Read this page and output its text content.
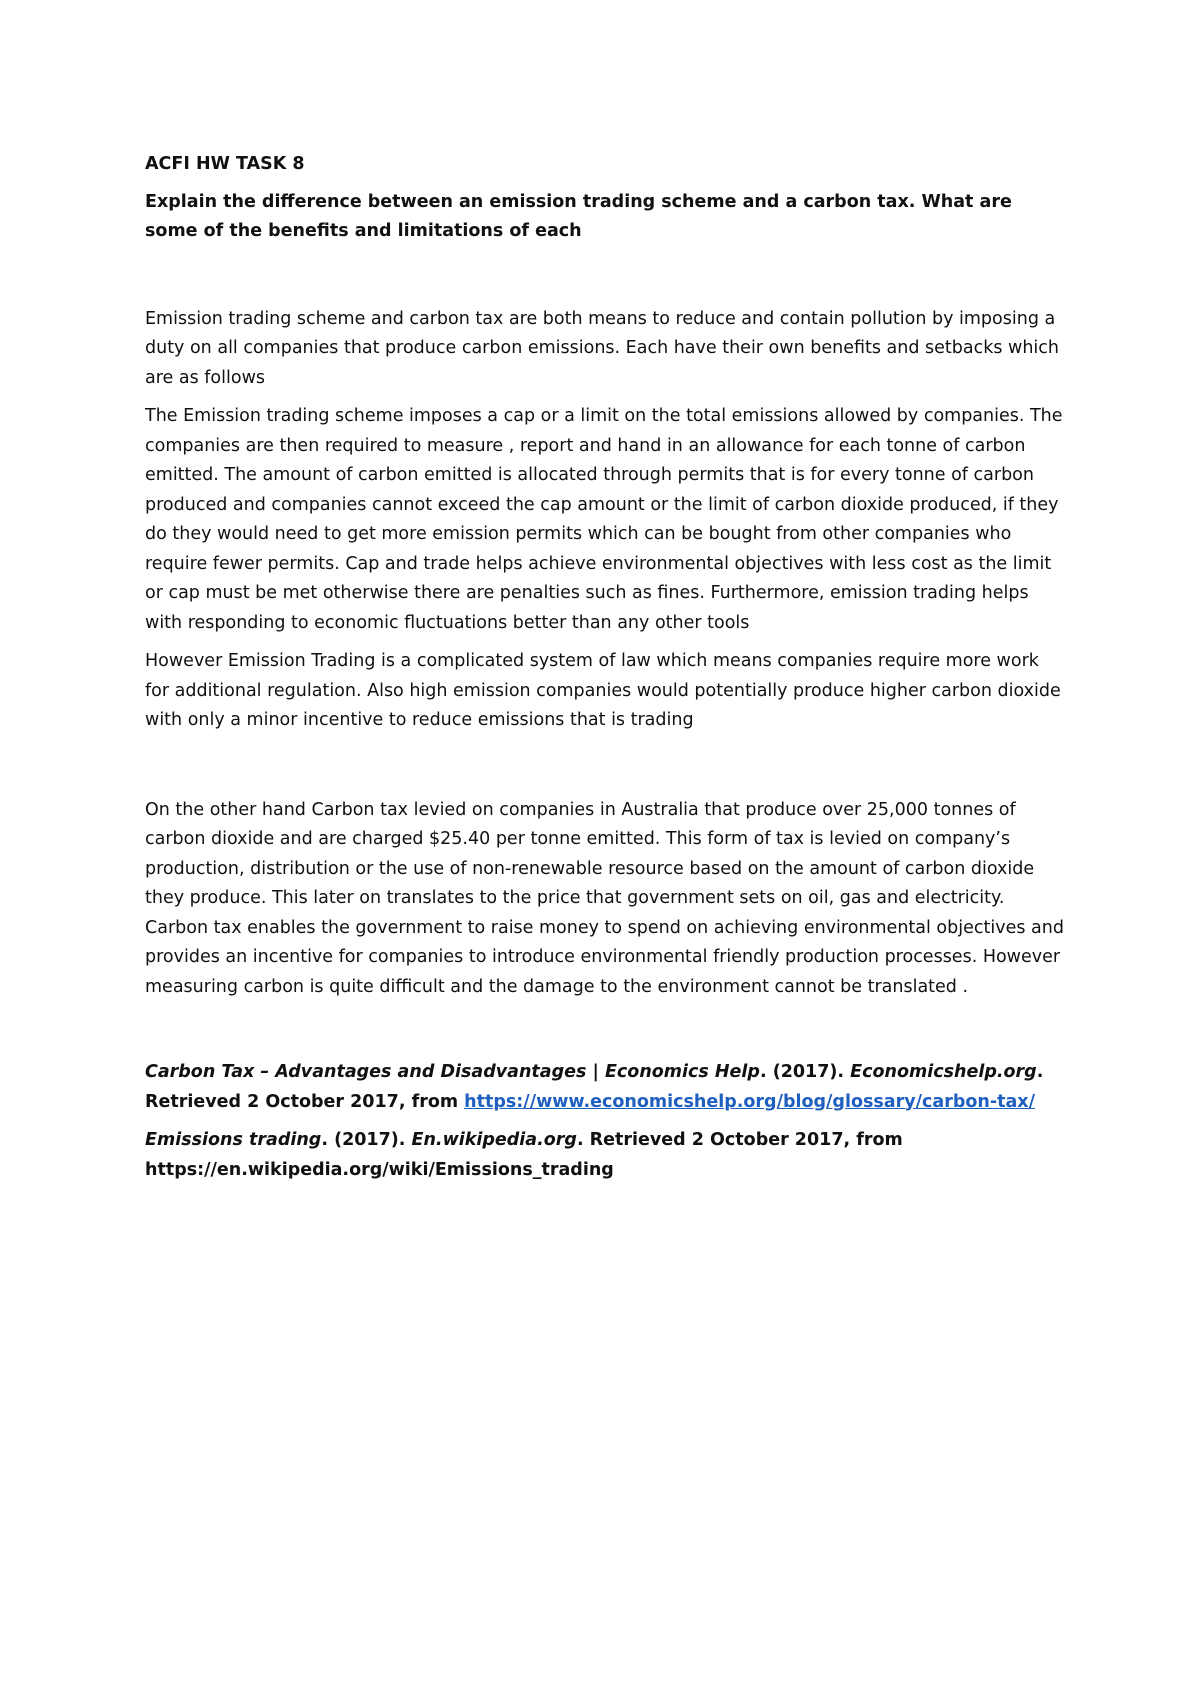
ACFI HW TASK 8

Explain the difference between an emission trading scheme and a carbon tax. What are some of the benefits and limitations of each

Emission trading scheme and carbon tax are both means to reduce and contain pollution by imposing a duty on all companies that produce carbon emissions. Each have their own benefits and setbacks which are as follows

The Emission trading scheme imposes a cap or a limit on the total emissions allowed by companies. The companies are then required to measure , report and hand in an allowance for each tonne of carbon emitted. The amount of carbon emitted is allocated through permits that is for every tonne of carbon produced and companies cannot exceed the cap amount or the limit of carbon dioxide produced, if they do they would need to get more emission permits which can be bought from other companies who require fewer permits. Cap and trade helps achieve environmental objectives with less cost as the limit or cap must be met otherwise there are penalties such as fines. Furthermore, emission trading helps with responding to economic fluctuations better than any other tools

However Emission Trading is a complicated system of law which means companies require more work for additional regulation. Also high emission companies would potentially produce higher carbon dioxide with only a minor incentive to reduce emissions that is trading

On the other hand Carbon tax levied on companies in Australia that produce over 25,000 tonnes of carbon dioxide and are charged $25.40 per tonne emitted. This form of tax is levied on company’s production, distribution or the use of non-renewable resource based on the amount of carbon dioxide they produce. This later on translates to the price that government sets on oil, gas and electricity. Carbon tax enables the government to raise money to spend on achieving environmental objectives and provides an incentive for companies to introduce environmental friendly production processes. However measuring carbon is quite difficult and the damage to the environment cannot be translated .

Carbon Tax – Advantages and Disadvantages | Economics Help. (2017). Economicshelp.org. Retrieved 2 October 2017, from https://www.economicshelp.org/blog/glossary/carbon-tax/

Emissions trading. (2017). En.wikipedia.org. Retrieved 2 October 2017, from https://en.wikipedia.org/wiki/Emissions_trading
